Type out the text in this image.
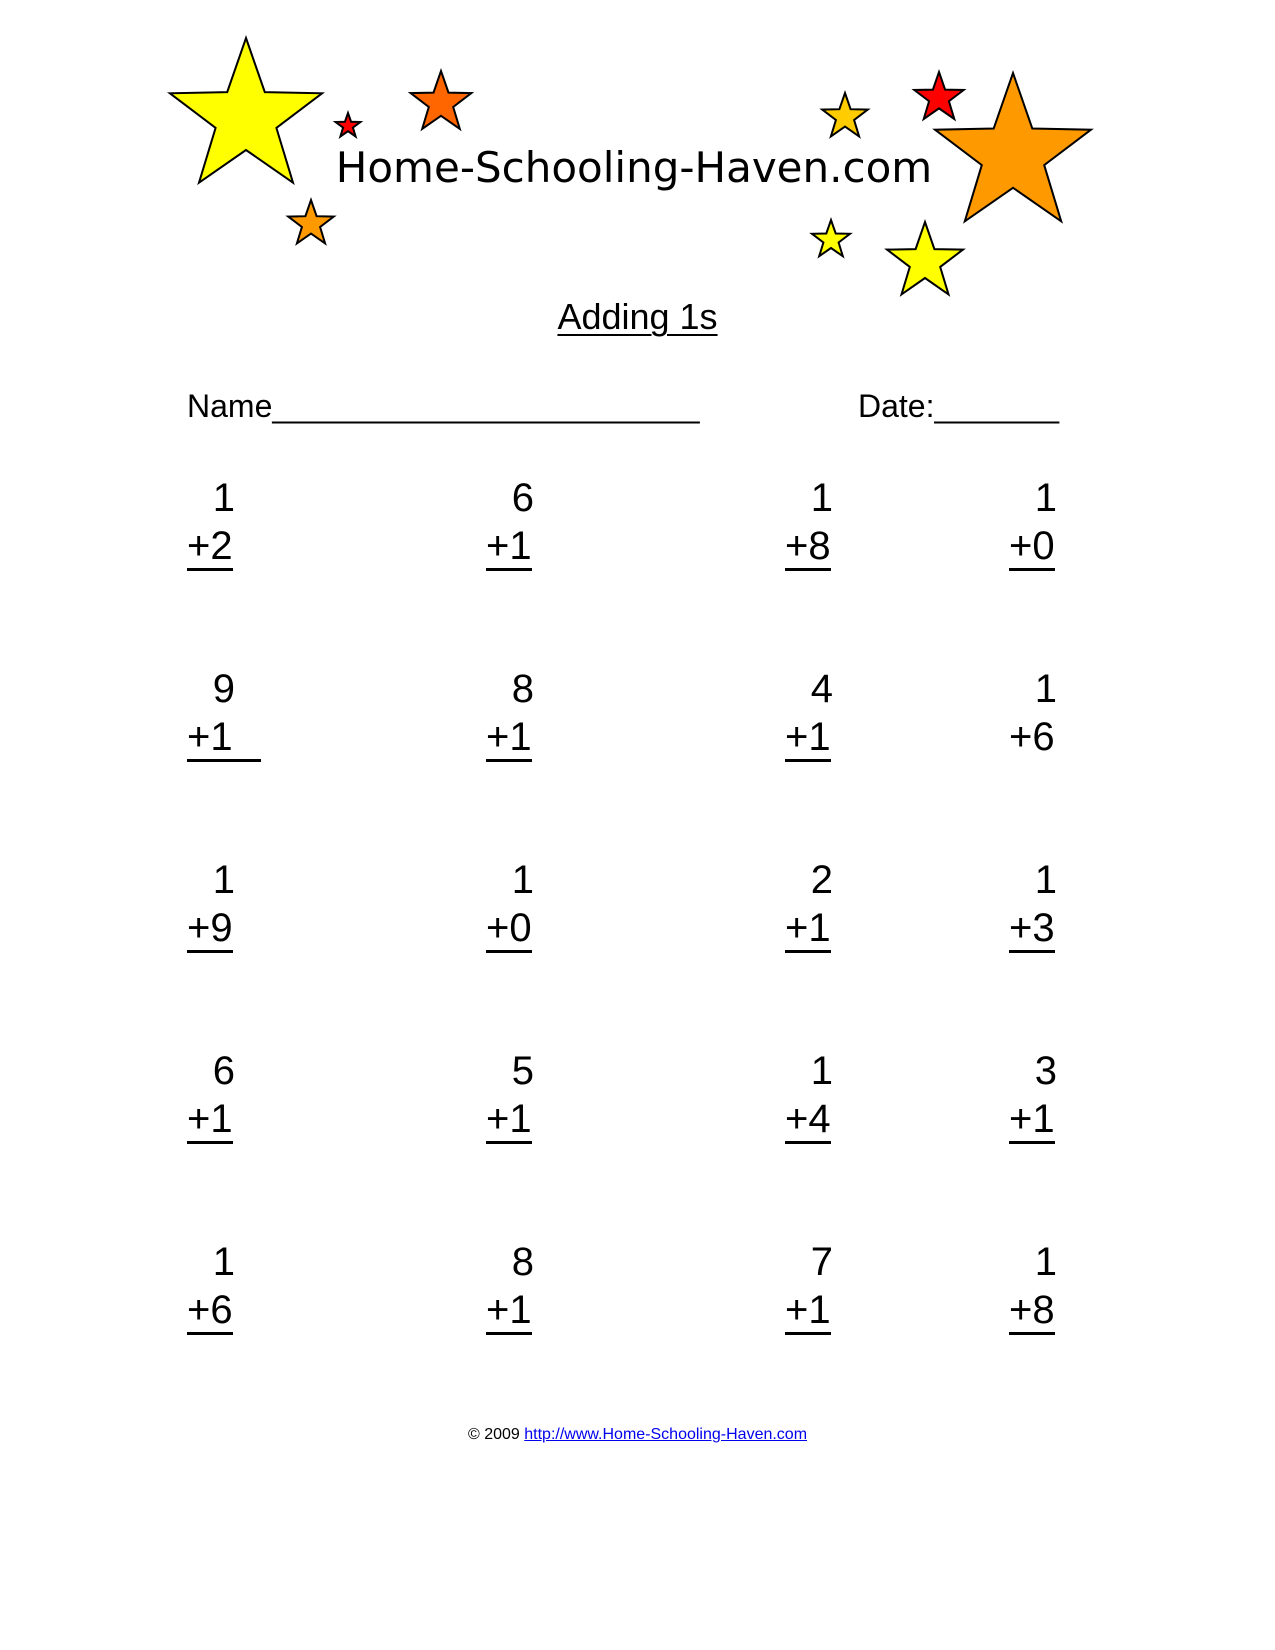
Home-Schooling-Haven.com
Adding 1s
Name________________________	Date:_______
1
+2
6
+1
1
+8
1
+0
9
+1
8
+1
4
+1
1
+6
1
+9
1
+0
2
+1
1
+3
6
+1
5
+1
1
+4
3
+1
1
+6
8
+1
7
+1
1
+8
© 2009 http://www.Home-Schooling-Haven.com
